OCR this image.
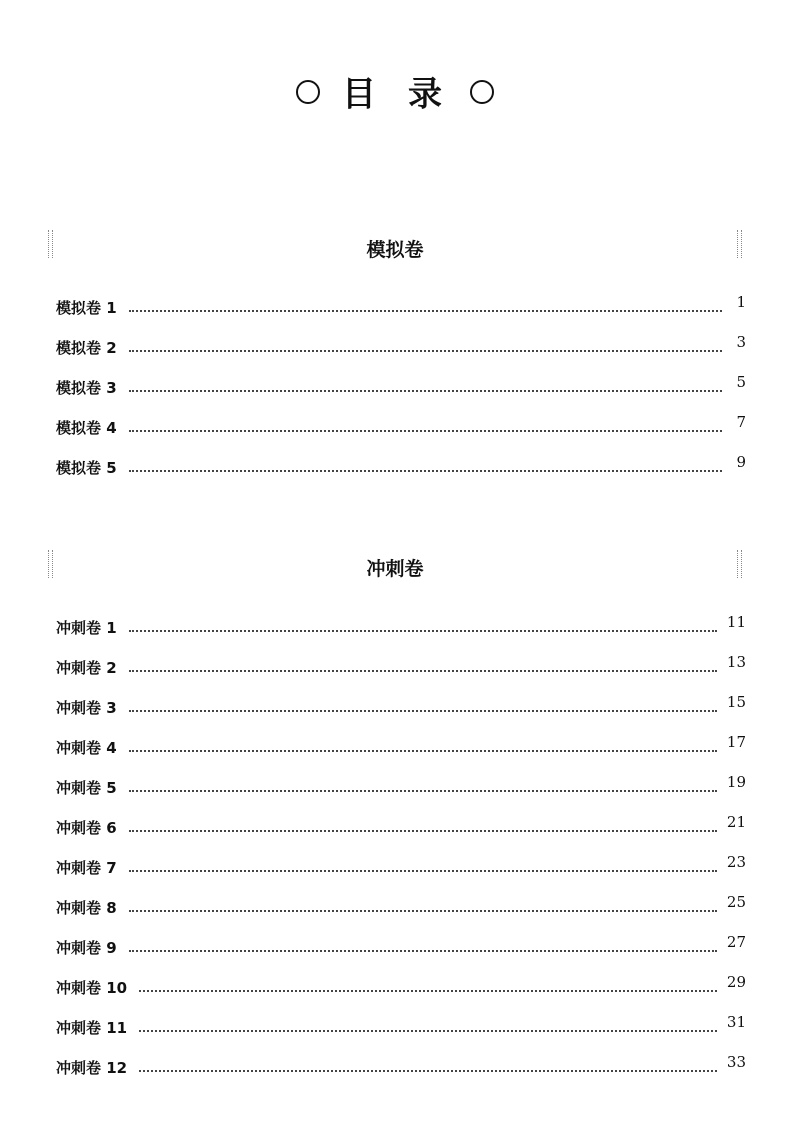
目 录
模拟卷
模拟卷 1	1
模拟卷 2	3
模拟卷 3	5
模拟卷 4	7
模拟卷 5	9
冲刺卷
冲刺卷 1	11
冲刺卷 2	13
冲刺卷 3	15
冲刺卷 4	17
冲刺卷 5	19
冲刺卷 6	21
冲刺卷 7	23
冲刺卷 8	25
冲刺卷 9	27
冲刺卷 10	29
冲刺卷 11	31
冲刺卷 12	33
